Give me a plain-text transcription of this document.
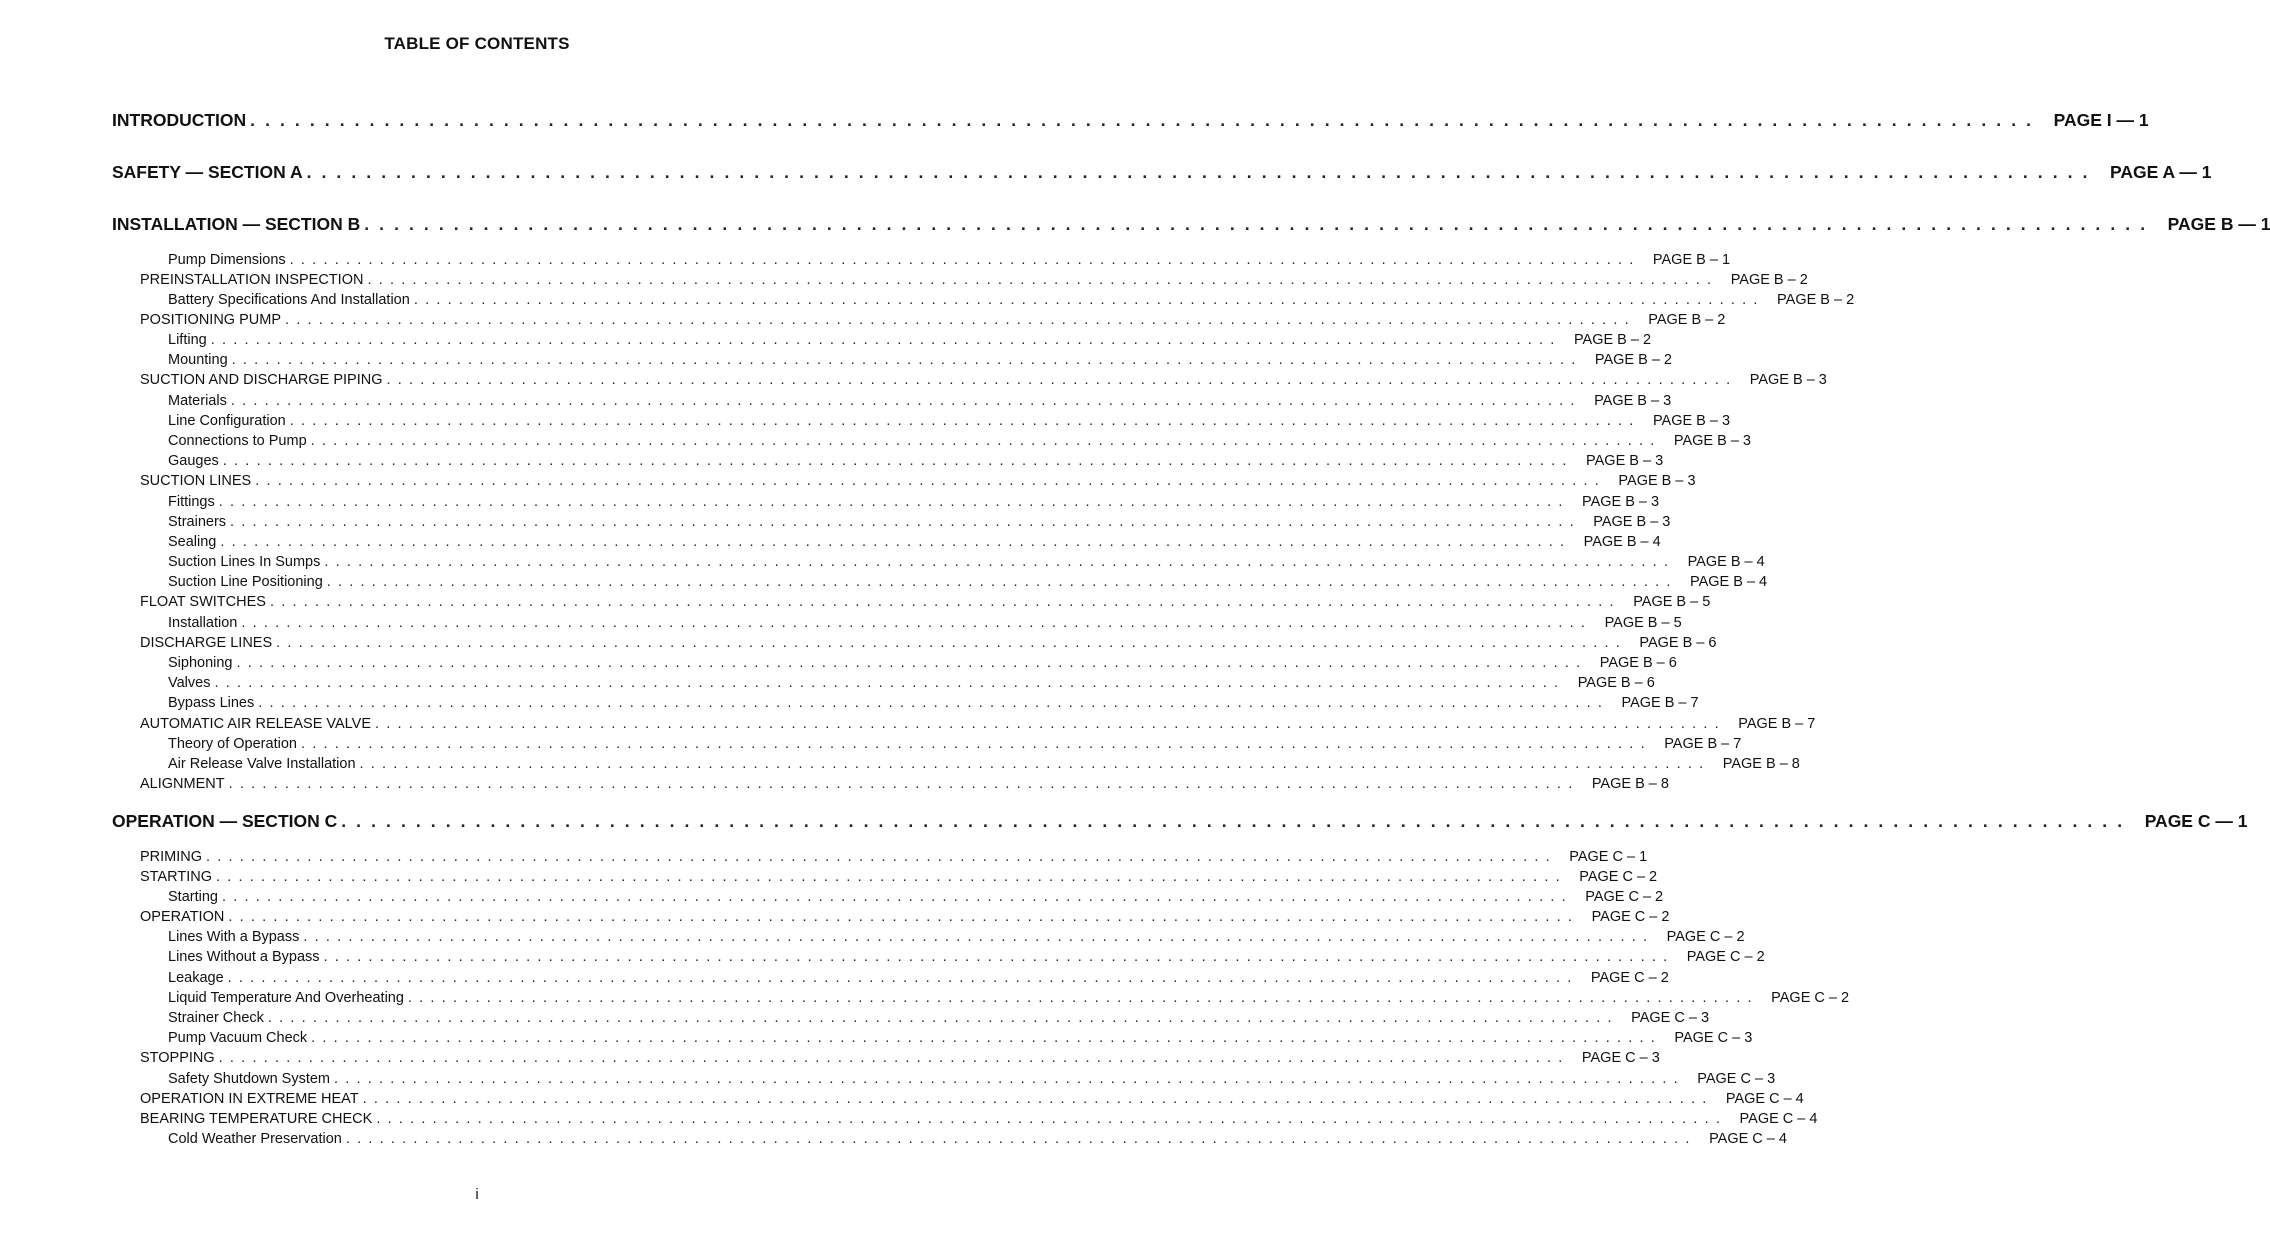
TABLE OF CONTENTS
INTRODUCTION . . . . . . . . . . . . . . . . . . . . . . . . . . . . . . . . . . . . . . . . . . . . . . . . . . . . . . . . . . . . . . . . . . . . . . . . . . . . . . . . . . . . . . . . . . . . . . . . . . . . . . . . . . . . . . . . . . . . . . . .	PAGE I — 1
SAFETY — SECTION A . . . . . . . . . . . . . . . . . . . . . . . . . . . . . . . . . . . . . . . . . . . . . . . . . . . . . . . . . . . . . . . . . . . . . . . . . . . . . . . . . . . . . . . . . . . . . . . . . . . . . . . . . . . . . . . . . . . . . . . .	PAGE A — 1
INSTALLATION — SECTION B . . . . . . . . . . . . . . . . . . . . . . . . . . . . . . . . . . . . . . . . . . . . . . . . . . . . . . . . . . . . . . . . . . . . . . . . . . . . . . . . . . . . . . . . . . . . . . . . . . . . . . . . . . . . . . . . . . . . . . . .	PAGE B — 1
Pump Dimensions . . . . . . . . . . . . . . . . . . . . . . . . . . . . . . . . . . . . . . . . . . . . . . . . . . . . . . . . . . . . . . . . . . . . . . . . . . . . . . . . . . . . . . . . . . . . . . . . . . . . . . . . . . . . . . . . . . . . . . . .	PAGE B – 1
PREINSTALLATION INSPECTION . . . . . . . . . . . . . . . . . . . . . . . . . . . . . . . . . . . . . . . . . . . . . . . . . . . . . . . . . . . . . . . . . . . . . . . . . . . . . . . . . . . . . . . . . . . . . . . . . . . . . . . . . . . . . . . . . . . . . . . .	PAGE B – 2
Battery Specifications And Installation . . . . . . . . . . . . . . . . . . . . . . . . . . . . . . . . . . . . . . . . . . . . . . . . . . . . . . . . . . . . . . . . . . . . . . . . . . . . . . . . . . . . . . . . . . . . . . . . . . . . . . . . . . . . . . . . . . . . . . . .	PAGE B – 2
POSITIONING PUMP . . . . . . . . . . . . . . . . . . . . . . . . . . . . . . . . . . . . . . . . . . . . . . . . . . . . . . . . . . . . . . . . . . . . . . . . . . . . . . . . . . . . . . . . . . . . . . . . . . . . . . . . . . . . . . . . . . . . . . . .	PAGE B – 2
Lifting . . . . . . . . . . . . . . . . . . . . . . . . . . . . . . . . . . . . . . . . . . . . . . . . . . . . . . . . . . . . . . . . . . . . . . . . . . . . . . . . . . . . . . . . . . . . . . . . . . . . . . . . . . . . . . . . . . . . . . . .	PAGE B – 2
Mounting . . . . . . . . . . . . . . . . . . . . . . . . . . . . . . . . . . . . . . . . . . . . . . . . . . . . . . . . . . . . . . . . . . . . . . . . . . . . . . . . . . . . . . . . . . . . . . . . . . . . . . . . . . . . . . . . . . . . . . . .	PAGE B – 2
SUCTION AND DISCHARGE PIPING . . . . . . . . . . . . . . . . . . . . . . . . . . . . . . . . . . . . . . . . . . . . . . . . . . . . . . . . . . . . . . . . . . . . . . . . . . . . . . . . . . . . . . . . . . . . . . . . . . . . . . . . . . . . . . . . . . . . . . . .	PAGE B – 3
Materials . . . . . . . . . . . . . . . . . . . . . . . . . . . . . . . . . . . . . . . . . . . . . . . . . . . . . . . . . . . . . . . . . . . . . . . . . . . . . . . . . . . . . . . . . . . . . . . . . . . . . . . . . . . . . . . . . . . . . . . .	PAGE B – 3
Line Configuration . . . . . . . . . . . . . . . . . . . . . . . . . . . . . . . . . . . . . . . . . . . . . . . . . . . . . . . . . . . . . . . . . . . . . . . . . . . . . . . . . . . . . . . . . . . . . . . . . . . . . . . . . . . . . . . . . . . . . . . .	PAGE B – 3
Connections to Pump . . . . . . . . . . . . . . . . . . . . . . . . . . . . . . . . . . . . . . . . . . . . . . . . . . . . . . . . . . . . . . . . . . . . . . . . . . . . . . . . . . . . . . . . . . . . . . . . . . . . . . . . . . . . . . . . . . . . . . . .	PAGE B – 3
Gauges . . . . . . . . . . . . . . . . . . . . . . . . . . . . . . . . . . . . . . . . . . . . . . . . . . . . . . . . . . . . . . . . . . . . . . . . . . . . . . . . . . . . . . . . . . . . . . . . . . . . . . . . . . . . . . . . . . . . . . . .	PAGE B – 3
SUCTION LINES . . . . . . . . . . . . . . . . . . . . . . . . . . . . . . . . . . . . . . . . . . . . . . . . . . . . . . . . . . . . . . . . . . . . . . . . . . . . . . . . . . . . . . . . . . . . . . . . . . . . . . . . . . . . . . . . . . . . . . . .	PAGE B – 3
Fittings . . . . . . . . . . . . . . . . . . . . . . . . . . . . . . . . . . . . . . . . . . . . . . . . . . . . . . . . . . . . . . . . . . . . . . . . . . . . . . . . . . . . . . . . . . . . . . . . . . . . . . . . . . . . . . . . . . . . . . . .	PAGE B – 3
Strainers . . . . . . . . . . . . . . . . . . . . . . . . . . . . . . . . . . . . . . . . . . . . . . . . . . . . . . . . . . . . . . . . . . . . . . . . . . . . . . . . . . . . . . . . . . . . . . . . . . . . . . . . . . . . . . . . . . . . . . . .	PAGE B – 3
Sealing . . . . . . . . . . . . . . . . . . . . . . . . . . . . . . . . . . . . . . . . . . . . . . . . . . . . . . . . . . . . . . . . . . . . . . . . . . . . . . . . . . . . . . . . . . . . . . . . . . . . . . . . . . . . . . . . . . . . . . . .	PAGE B – 4
Suction Lines In Sumps . . . . . . . . . . . . . . . . . . . . . . . . . . . . . . . . . . . . . . . . . . . . . . . . . . . . . . . . . . . . . . . . . . . . . . . . . . . . . . . . . . . . . . . . . . . . . . . . . . . . . . . . . . . . . . . . . . . . . . . .	PAGE B – 4
Suction Line Positioning . . . . . . . . . . . . . . . . . . . . . . . . . . . . . . . . . . . . . . . . . . . . . . . . . . . . . . . . . . . . . . . . . . . . . . . . . . . . . . . . . . . . . . . . . . . . . . . . . . . . . . . . . . . . . . . . . . . . . . . .	PAGE B – 4
FLOAT SWITCHES . . . . . . . . . . . . . . . . . . . . . . . . . . . . . . . . . . . . . . . . . . . . . . . . . . . . . . . . . . . . . . . . . . . . . . . . . . . . . . . . . . . . . . . . . . . . . . . . . . . . . . . . . . . . . . . . . . . . . . . .	PAGE B – 5
Installation . . . . . . . . . . . . . . . . . . . . . . . . . . . . . . . . . . . . . . . . . . . . . . . . . . . . . . . . . . . . . . . . . . . . . . . . . . . . . . . . . . . . . . . . . . . . . . . . . . . . . . . . . . . . . . . . . . . . . . . .	PAGE B – 5
DISCHARGE LINES . . . . . . . . . . . . . . . . . . . . . . . . . . . . . . . . . . . . . . . . . . . . . . . . . . . . . . . . . . . . . . . . . . . . . . . . . . . . . . . . . . . . . . . . . . . . . . . . . . . . . . . . . . . . . . . . . . . . . . . .	PAGE B – 6
Siphoning . . . . . . . . . . . . . . . . . . . . . . . . . . . . . . . . . . . . . . . . . . . . . . . . . . . . . . . . . . . . . . . . . . . . . . . . . . . . . . . . . . . . . . . . . . . . . . . . . . . . . . . . . . . . . . . . . . . . . . . .	PAGE B – 6
Valves . . . . . . . . . . . . . . . . . . . . . . . . . . . . . . . . . . . . . . . . . . . . . . . . . . . . . . . . . . . . . . . . . . . . . . . . . . . . . . . . . . . . . . . . . . . . . . . . . . . . . . . . . . . . . . . . . . . . . . . .	PAGE B – 6
Bypass Lines . . . . . . . . . . . . . . . . . . . . . . . . . . . . . . . . . . . . . . . . . . . . . . . . . . . . . . . . . . . . . . . . . . . . . . . . . . . . . . . . . . . . . . . . . . . . . . . . . . . . . . . . . . . . . . . . . . . . . . . .	PAGE B – 7
AUTOMATIC AIR RELEASE VALVE . . . . . . . . . . . . . . . . . . . . . . . . . . . . . . . . . . . . . . . . . . . . . . . . . . . . . . . . . . . . . . . . . . . . . . . . . . . . . . . . . . . . . . . . . . . . . . . . . . . . . . . . . . . . . . . . . . . . . . . .	PAGE B – 7
Theory of Operation . . . . . . . . . . . . . . . . . . . . . . . . . . . . . . . . . . . . . . . . . . . . . . . . . . . . . . . . . . . . . . . . . . . . . . . . . . . . . . . . . . . . . . . . . . . . . . . . . . . . . . . . . . . . . . . . . . . . . . . .	PAGE B – 7
Air Release Valve Installation . . . . . . . . . . . . . . . . . . . . . . . . . . . . . . . . . . . . . . . . . . . . . . . . . . . . . . . . . . . . . . . . . . . . . . . . . . . . . . . . . . . . . . . . . . . . . . . . . . . . . . . . . . . . . . . . . . . . . . . .	PAGE B – 8
ALIGNMENT . . . . . . . . . . . . . . . . . . . . . . . . . . . . . . . . . . . . . . . . . . . . . . . . . . . . . . . . . . . . . . . . . . . . . . . . . . . . . . . . . . . . . . . . . . . . . . . . . . . . . . . . . . . . . . . . . . . . . . . .	PAGE B – 8
OPERATION — SECTION C . . . . . . . . . . . . . . . . . . . . . . . . . . . . . . . . . . . . . . . . . . . . . . . . . . . . . . . . . . . . . . . . . . . . . . . . . . . . . . . . . . . . . . . . . . . . . . . . . . . . . . . . . . . . . . . . . . . . . . . .	PAGE C — 1
PRIMING . . . . . . . . . . . . . . . . . . . . . . . . . . . . . . . . . . . . . . . . . . . . . . . . . . . . . . . . . . . . . . . . . . . . . . . . . . . . . . . . . . . . . . . . . . . . . . . . . . . . . . . . . . . . . . . . . . . . . . . .	PAGE C – 1
STARTING . . . . . . . . . . . . . . . . . . . . . . . . . . . . . . . . . . . . . . . . . . . . . . . . . . . . . . . . . . . . . . . . . . . . . . . . . . . . . . . . . . . . . . . . . . . . . . . . . . . . . . . . . . . . . . . . . . . . . . . .	PAGE C – 2
Starting . . . . . . . . . . . . . . . . . . . . . . . . . . . . . . . . . . . . . . . . . . . . . . . . . . . . . . . . . . . . . . . . . . . . . . . . . . . . . . . . . . . . . . . . . . . . . . . . . . . . . . . . . . . . . . . . . . . . . . . .	PAGE C – 2
OPERATION . . . . . . . . . . . . . . . . . . . . . . . . . . . . . . . . . . . . . . . . . . . . . . . . . . . . . . . . . . . . . . . . . . . . . . . . . . . . . . . . . . . . . . . . . . . . . . . . . . . . . . . . . . . . . . . . . . . . . . . .	PAGE C – 2
Lines With a Bypass . . . . . . . . . . . . . . . . . . . . . . . . . . . . . . . . . . . . . . . . . . . . . . . . . . . . . . . . . . . . . . . . . . . . . . . . . . . . . . . . . . . . . . . . . . . . . . . . . . . . . . . . . . . . . . . . . . . . . . . .	PAGE C – 2
Lines Without a Bypass . . . . . . . . . . . . . . . . . . . . . . . . . . . . . . . . . . . . . . . . . . . . . . . . . . . . . . . . . . . . . . . . . . . . . . . . . . . . . . . . . . . . . . . . . . . . . . . . . . . . . . . . . . . . . . . . . . . . . . . .	PAGE C – 2
Leakage . . . . . . . . . . . . . . . . . . . . . . . . . . . . . . . . . . . . . . . . . . . . . . . . . . . . . . . . . . . . . . . . . . . . . . . . . . . . . . . . . . . . . . . . . . . . . . . . . . . . . . . . . . . . . . . . . . . . . . . .	PAGE C – 2
Liquid Temperature And Overheating . . . . . . . . . . . . . . . . . . . . . . . . . . . . . . . . . . . . . . . . . . . . . . . . . . . . . . . . . . . . . . . . . . . . . . . . . . . . . . . . . . . . . . . . . . . . . . . . . . . . . . . . . . . . . . . . . . . . . . . .	PAGE C – 2
Strainer Check . . . . . . . . . . . . . . . . . . . . . . . . . . . . . . . . . . . . . . . . . . . . . . . . . . . . . . . . . . . . . . . . . . . . . . . . . . . . . . . . . . . . . . . . . . . . . . . . . . . . . . . . . . . . . . . . . . . . . . . .	PAGE C – 3
Pump Vacuum Check . . . . . . . . . . . . . . . . . . . . . . . . . . . . . . . . . . . . . . . . . . . . . . . . . . . . . . . . . . . . . . . . . . . . . . . . . . . . . . . . . . . . . . . . . . . . . . . . . . . . . . . . . . . . . . . . . . . . . . . .	PAGE C – 3
STOPPING . . . . . . . . . . . . . . . . . . . . . . . . . . . . . . . . . . . . . . . . . . . . . . . . . . . . . . . . . . . . . . . . . . . . . . . . . . . . . . . . . . . . . . . . . . . . . . . . . . . . . . . . . . . . . . . . . . . . . . . .	PAGE C – 3
Safety Shutdown System . . . . . . . . . . . . . . . . . . . . . . . . . . . . . . . . . . . . . . . . . . . . . . . . . . . . . . . . . . . . . . . . . . . . . . . . . . . . . . . . . . . . . . . . . . . . . . . . . . . . . . . . . . . . . . . . . . . . . . . .	PAGE C – 3
OPERATION IN EXTREME HEAT . . . . . . . . . . . . . . . . . . . . . . . . . . . . . . . . . . . . . . . . . . . . . . . . . . . . . . . . . . . . . . . . . . . . . . . . . . . . . . . . . . . . . . . . . . . . . . . . . . . . . . . . . . . . . . . . . . . . . . . .	PAGE C – 4
BEARING TEMPERATURE CHECK . . . . . . . . . . . . . . . . . . . . . . . . . . . . . . . . . . . . . . . . . . . . . . . . . . . . . . . . . . . . . . . . . . . . . . . . . . . . . . . . . . . . . . . . . . . . . . . . . . . . . . . . . . . . . . . . . . . . . . . .	PAGE C – 4
Cold Weather Preservation . . . . . . . . . . . . . . . . . . . . . . . . . . . . . . . . . . . . . . . . . . . . . . . . . . . . . . . . . . . . . . . . . . . . . . . . . . . . . . . . . . . . . . . . . . . . . . . . . . . . . . . . . . . . . . . . . . . . . . . .	PAGE C – 4
i
